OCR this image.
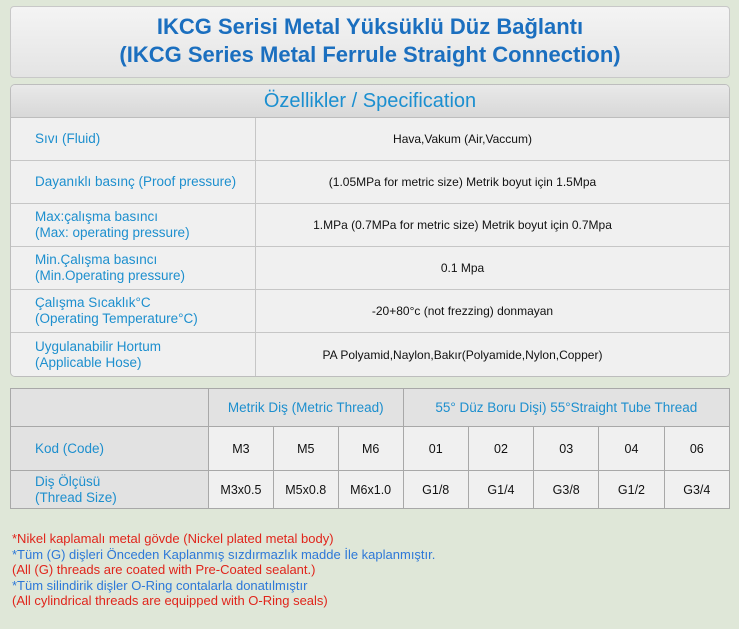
IKCG Serisi Metal Yüksüklü Düz Bağlantı
(IKCG Series Metal Ferrule Straight Connection)
Özellikler / Specification
Sıvı (Fluid)	Hava,Vakum (Air,Vaccum)
Dayanıklı basınç (Proof pressure)	(1.05MPa for metric size) Metrik boyut için 1.5Mpa
Max:çalışma basıncı
(Max: operating pressure)	1.MPa (0.7MPa for metric size) Metrik boyut için 0.7Mpa
Min.Çalışma basıncı
(Min.Operating pressure)	0.1 Mpa
Çalışma Sıcaklık°C
(Operating Temperature°C)	-20+80°c (not frezzing) donmayan
Uygulanabilir Hortum
(Applicable Hose)	PA Polyamid,Naylon,Bakır(Polyamide,Nylon,Copper)
	Metrik Diş (Metric Thread)			55° Düz Boru Dişi) 55°Straight Tube Thread				
Kod (Code)	M3	M5	M6	01	02	03	04	06

Diş Ölçüsü
(Thread Size)	M3x0.5	M5x0.8	M6x1.0	G1/8	G1/4	G3/8	G1/2	G3/4
*Nikel kaplamalı metal gövde (Nickel plated metal body)
*Tüm (G) dişleri Önceden Kaplanmış sızdırmazlık madde İle kaplanmıştır.
(All (G) threads are coated with Pre-Coated sealant.)
*Tüm silindirik dişler O-Ring contalarla donatılmıştır
(All cylindrical threads are equipped with O-Ring seals)
